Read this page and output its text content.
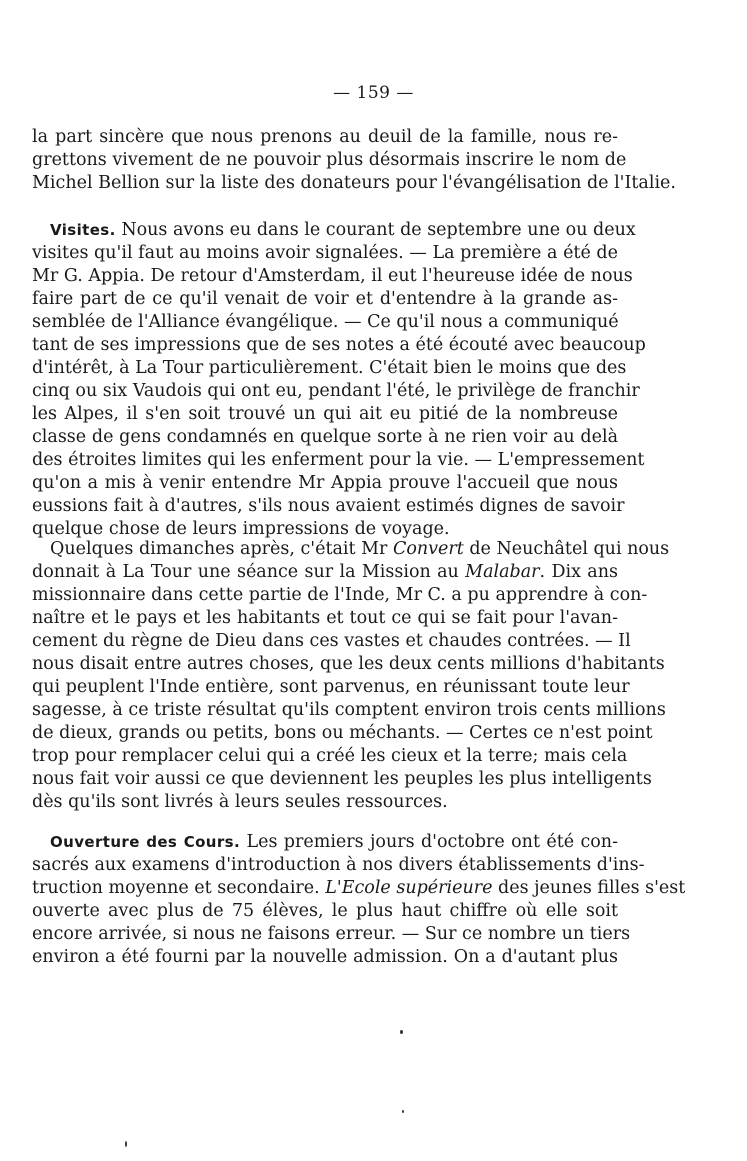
— 159 —
la part sincère que nous prenons au deuil de la famille, nous re-
grettons vivement de ne pouvoir plus désormais inscrire le nom de
Michel Bellion sur la liste des donateurs pour l'évangélisation de l'Italie.
Visites. Nous avons eu dans le courant de septembre une ou deux
visites qu'il faut au moins avoir signalées. — La première a été de
Mr G. Appia. De retour d'Amsterdam, il eut l'heureuse idée de nous
faire part de ce qu'il venait de voir et d'entendre à la grande as-
semblée de l'Alliance évangélique. — Ce qu'il nous a communiqué
tant de ses impressions que de ses notes a été écouté avec beaucoup
d'intérêt, à La Tour particulièrement. C'était bien le moins que des
cinq ou six Vaudois qui ont eu, pendant l'été, le privilège de franchir
les Alpes, il s'en soit trouvé un qui ait eu pitié de la nombreuse
classe de gens condamnés en quelque sorte à ne rien voir au delà
des étroites limites qui les enferment pour la vie. — L'empressement
qu'on a mis à venir entendre Mr Appia prouve l'accueil que nous
eussions fait à d'autres, s'ils nous avaient estimés dignes de savoir
quelque chose de leurs impressions de voyage.
Quelques dimanches après, c'était Mr Convert de Neuchâtel qui nous
donnait à La Tour une séance sur la Mission au Malabar. Dix ans
missionnaire dans cette partie de l'Inde, Mr C. a pu apprendre à con-
naître et le pays et les habitants et tout ce qui se fait pour l'avan-
cement du règne de Dieu dans ces vastes et chaudes contrées. — Il
nous disait entre autres choses, que les deux cents millions d'habitants
qui peuplent l'Inde entière, sont parvenus, en réunissant toute leur
sagesse, à ce triste résultat qu'ils comptent environ trois cents millions
de dieux, grands ou petits, bons ou méchants. — Certes ce n'est point
trop pour remplacer celui qui a créé les cieux et la terre; mais cela
nous fait voir aussi ce que deviennent les peuples les plus intelligents
dès qu'ils sont livrés à leurs seules ressources.
Ouverture des Cours. Les premiers jours d'octobre ont été con-
sacrés aux examens d'introduction à nos divers établissements d'ins-
truction moyenne et secondaire. L'Ecole supérieure des jeunes filles s'est
ouverte avec plus de 75 élèves, le plus haut chiffre où elle soit
encore arrivée, si nous ne faisons erreur. — Sur ce nombre un tiers
environ a été fourni par la nouvelle admission. On a d'autant plus
